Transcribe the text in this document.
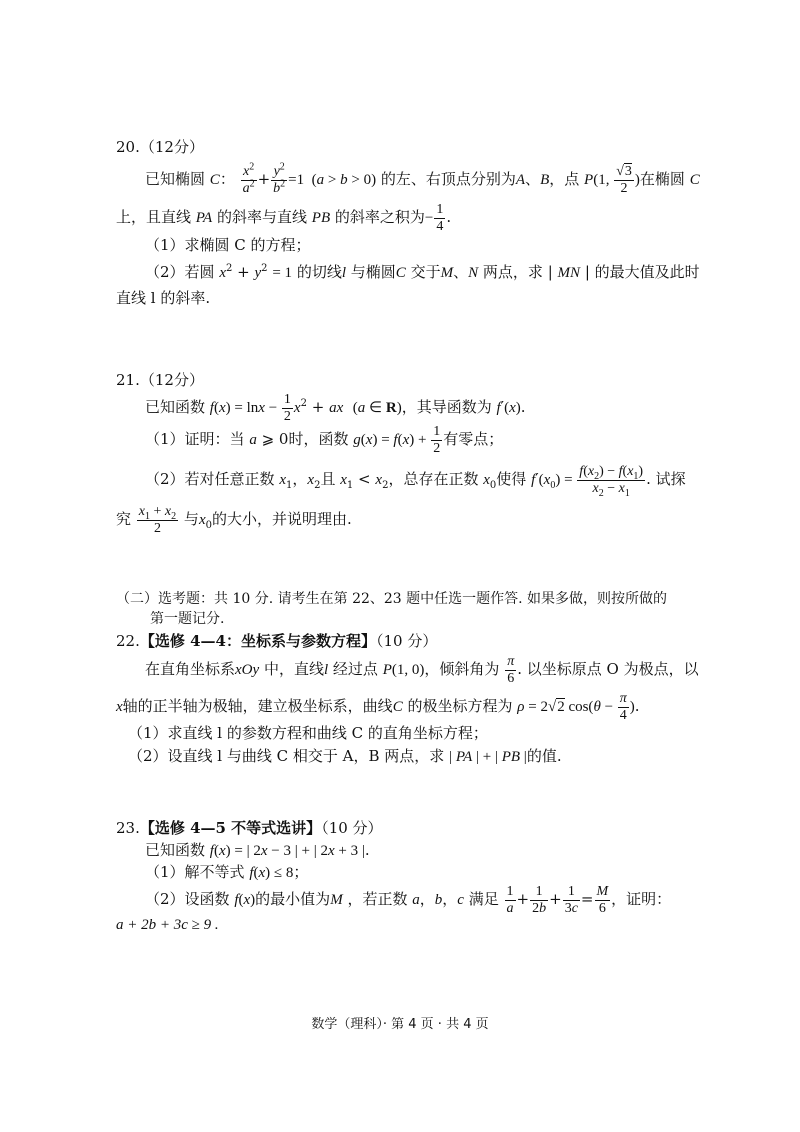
20.（12分）
已知椭圆 C： $\frac{x^2}{a^2} + \frac{y^2}{b^2} =1$  (a > b > 0) 的左、右顶点分别为A、B，点 P(1, $\frac{√3}{2}$ )在椭圆 C
上，且直线 PA 的斜率与直线 PB 的斜率之积为− $\frac{1}{4}$ .
（1）求椭圆 C 的方程；
（2）若圆 $x^2 + y^2 = 1$ 的切线l 与椭圆C 交于M、N 两点，求 | MN | 的最大值及此时
直线 l 的斜率.
21.（12分）
已知函数 $f(x) = \ln x - \frac{1}{2} x^2$ + ax (a ∈ R)，其导函数为 f′(x).
（1）证明：当 a ⩾ 0时，函数 $g(x) = f(x) + \frac{1}{2}$ 有零点；
（2）若对任意正数 $x_1$，$x_2$且 $x_1 < x_2$，总存在正数 $x_0$使得 $f'(x_0) = \frac{f(x_2) - f(x_1)}{x_2 - x_1}$ . 试探
究 $\frac{x_1 + x_2}{2}$ 与$x_0$的大小，并说明理由.
（二）选考题：共 10 分. 请考生在第 22、23 题中任选一题作答. 如果多做，则按所做的
第一题记分.
22.【选修 4—4：坐标系与参数方程】（10 分）
在直角坐标系xOy 中，直线l 经过点 P(1, 0)，倾斜角为 $\frac{\pi}{6}$ . 以坐标原点 O 为极点，以
x轴的正半轴为极轴，建立极坐标系，曲线C 的极坐标方程为 ρ = 2√2 $\cos(\theta - \frac{\pi}{4}$ ).
（1）求直线 l 的参数方程和曲线 C 的直角坐标方程；
（2）设直线 l 与曲线 C 相交于 A，B 两点，求 | PA | + | PB |的值.
23.【选修 4—5 不等式选讲】（10 分）
已知函数 f(x) = | 2x − 3 | + | 2x + 3 |.
（1）解不等式 f(x) ≤ 8；
（2）设函数 f(x)的最小值为M ，若正数 a，b，c 满足 $\frac{1}{a} + \frac{1}{2b} + \frac{1}{3c} = \frac{M}{6}$ ，证明：
a + 2b + 3c ≥ 9 .
数学（理科）· 第 4 页 · 共 4 页
